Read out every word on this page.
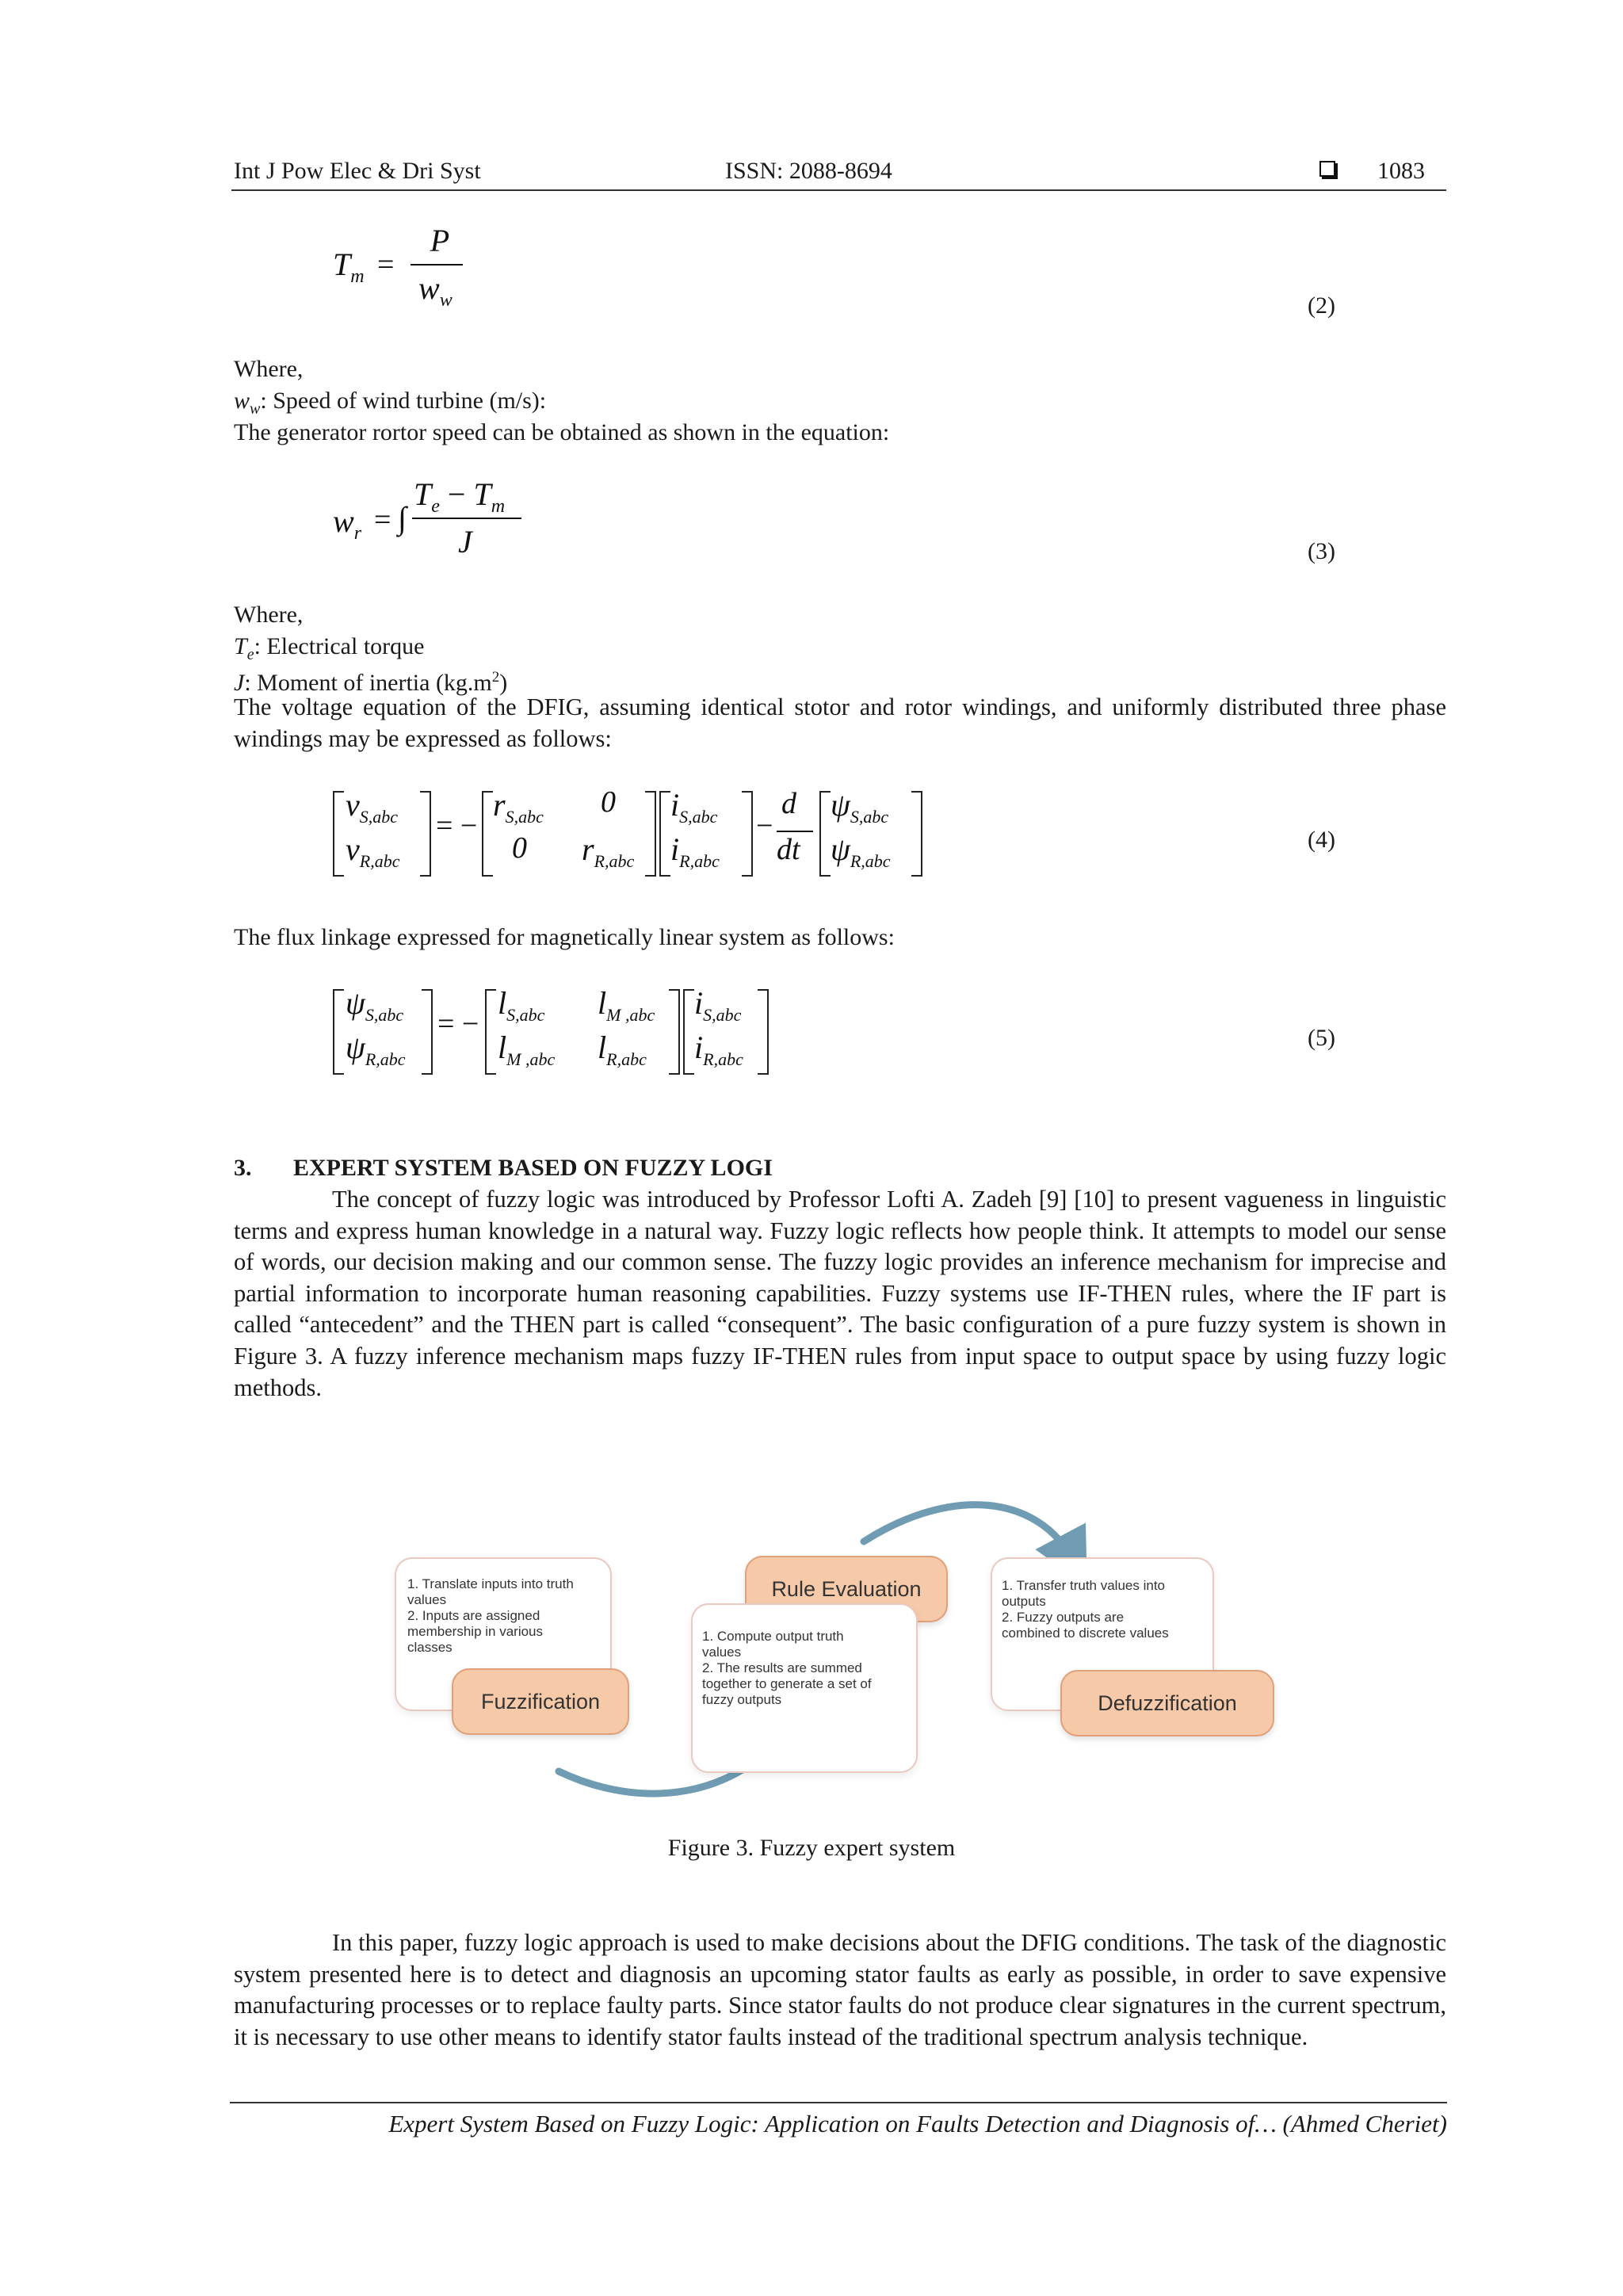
Int J Pow Elec & Dri Syst	ISSN: 2088-8694	1083
$T_m$ =
P
$w_w$	(2)
Where,
$w_w$: Speed of wind turbine (m/s):
The generator rortor speed can be obtained as shown in the equation:
$w_r$ = ∫
$T_e - T_m$
J	(3)
Where,
$T_e$: Electrical torque
J: Moment of inertia $(kg.m^2)$
The voltage equation of the DFIG, assuming identical stotor and rotor windings, and uniformly distributed three phase windings may be expressed as follows:
$v_{S,abc}$
$v_{R,abc}$
= −
$r_{S,abc}$ 0
0 $r_{R,abc}$
$i_{S,abc}$
$i_{R,abc}$
−
d
dt
$\psi_{S,abc}$
$\psi_{R,abc}$
(4)
The flux linkage expressed for magnetically linear system as follows:
$\psi_{S,abc}$
$\psi_{R,abc}$
= −
$l_{S,abc}$ $l_{M ,abc}$
$l_{M ,abc}$ $l_{R,abc}$
$i_{S,abc}$
$i_{R,abc}$
(5)
3. EXPERT SYSTEM BASED ON FUZZY LOGI
The concept of fuzzy logic was introduced by Professor Lofti A. Zadeh [9] [10] to present vagueness in linguistic terms and express human knowledge in a natural way. Fuzzy logic reflects how people think. It attempts to model our sense of words, our decision making and our common sense. The fuzzy logic provides an inference mechanism for imprecise and partial information to incorporate human reasoning capabilities. Fuzzy systems use IF-THEN rules, where the IF part is called “antecedent” and the THEN part is called “consequent”. The basic configuration of a pure fuzzy system is shown in Figure 3. A fuzzy inference mechanism maps fuzzy IF-THEN rules from input space to output space by using fuzzy logic methods.
1. Translate inputs into truth
values
2. Inputs are assigned
membership in various
classes
Fuzzification
Rule Evaluation
1. Compute output truth
values
2. The results are summed
together to generate a set of
fuzzy outputs
1. Transfer truth values into
outputs
2. Fuzzy outputs are
combined to discrete values
Defuzzification
Figure 3. Fuzzy expert system
In this paper, fuzzy logic approach is used to make decisions about the DFIG conditions. The task of the diagnostic system presented here is to detect and diagnosis an upcoming stator faults as early as possible, in order to save expensive manufacturing processes or to replace faulty parts. Since stator faults do not produce clear signatures in the current spectrum, it is necessary to use other means to identify stator faults instead of the traditional spectrum analysis technique.
Expert System Based on Fuzzy Logic: Application on Faults Detection and Diagnosis of… (Ahmed Cheriet)
